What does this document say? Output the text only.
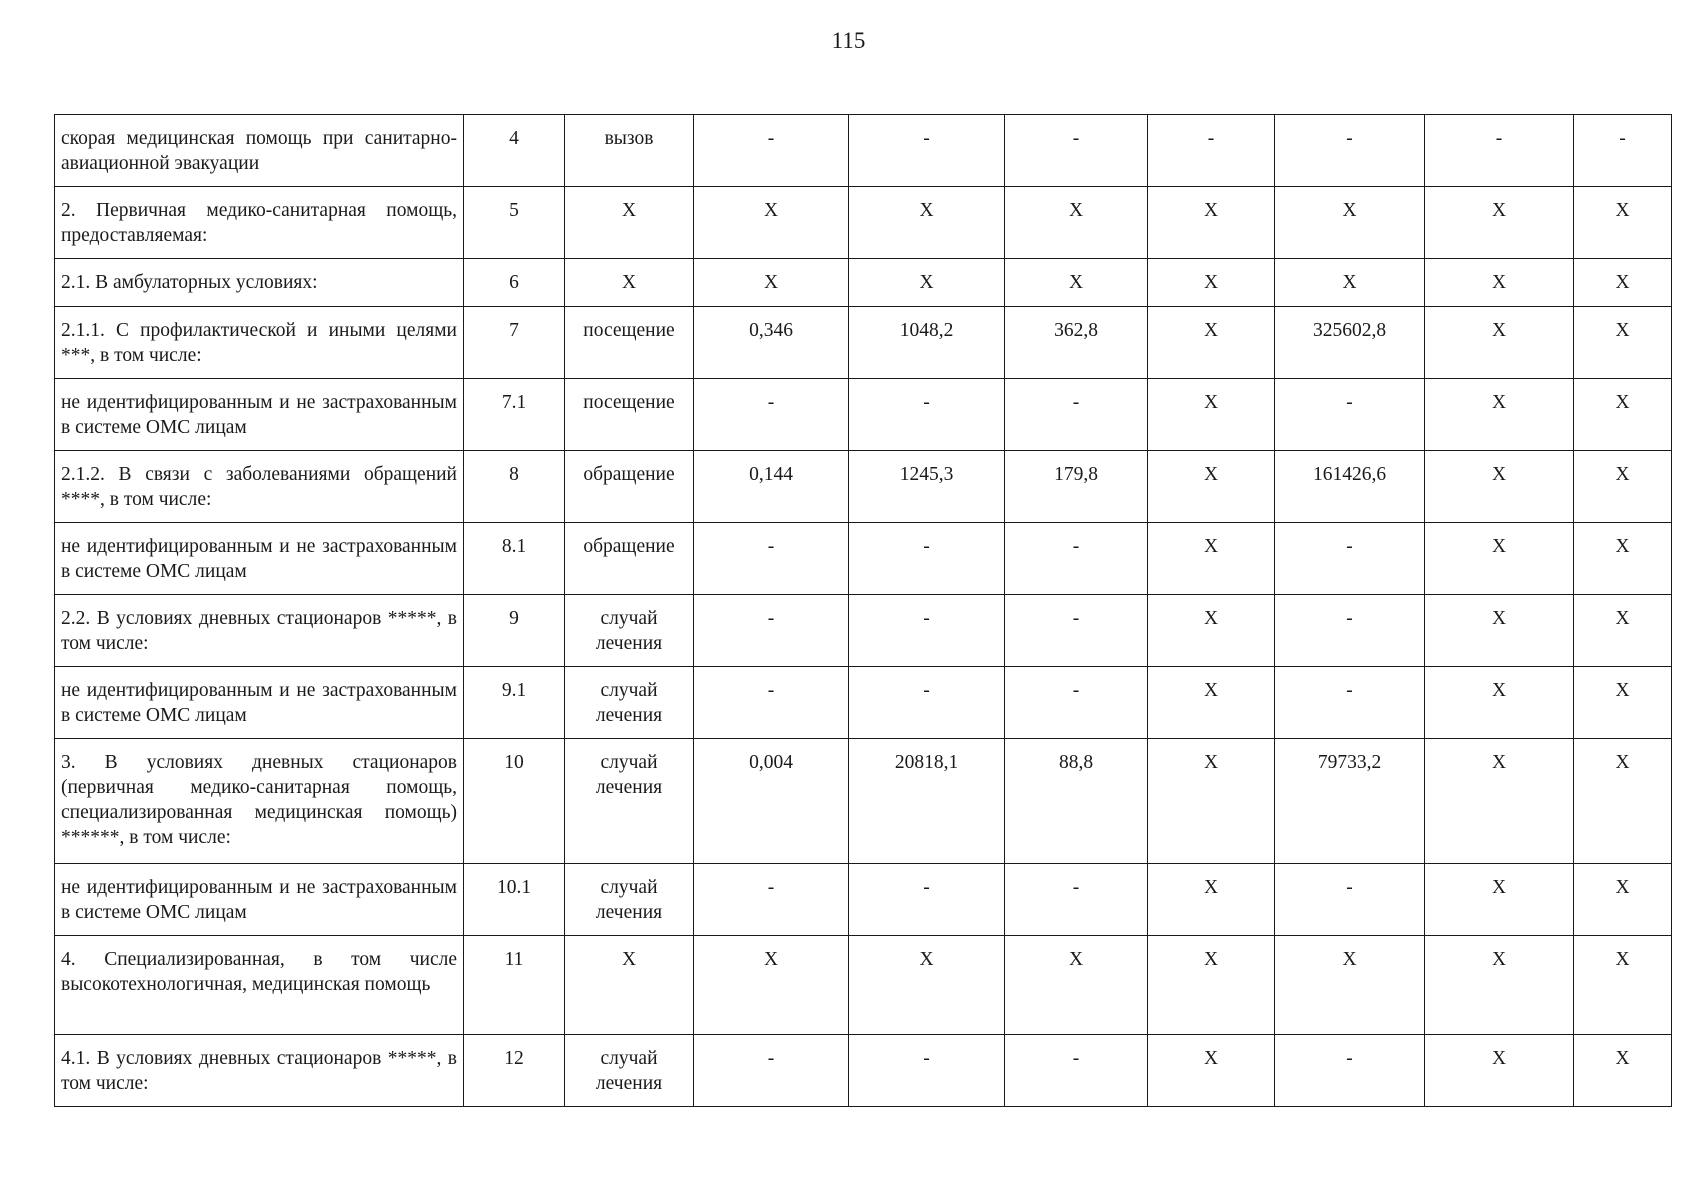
115
скорая медицинская помощь при санитарно-авиационной эвакуации	4	вызов	-	-	-	-	-	-	-
2. Первичная медико-санитарная помощь, предоставляемая:	5	X	X	X	X	X	X	X	X
2.1. В амбулаторных условиях:	6	X	X	X	X	X	X	X	X
2.1.1. С профилактической и иными целями ***, в том числе:	7	посещение	0,346	1048,2	362,8	X	325602,8	X	X
не идентифицированным и не застрахованным в системе ОМС лицам	7.1	посещение	-	-	-	X	-	X	X
2.1.2. В связи с заболеваниями обращений ****, в том числе:	8	обращение	0,144	1245,3	179,8	X	161426,6	X	X
не идентифицированным и не застрахованным в системе ОМС лицам	8.1	обращение	-	-	-	X	-	X	X
2.2. В условиях дневных стационаров *****, в том числе:	9	случай лечения	-	-	-	X	-	X	X
не идентифицированным и не застрахованным в системе ОМС лицам	9.1	случай лечения	-	-	-	X	-	X	X
3. В условиях дневных стационаров (первичная медико-санитарная помощь, специализированная медицинская помощь) ******, в том числе:	10	случай лечения	0,004	20818,1	88,8	X	79733,2	X	X
не идентифицированным и не застрахованным в системе ОМС лицам	10.1	случай лечения	-	-	-	X	-	X	X
4. Специализированная, в том числе высокотехнологичная, медицинская помощь	11	X	X	X	X	X	X	X	X
4.1. В условиях дневных стационаров *****, в том числе:	12	случай лечения	-	-	-	X	-	X	X
